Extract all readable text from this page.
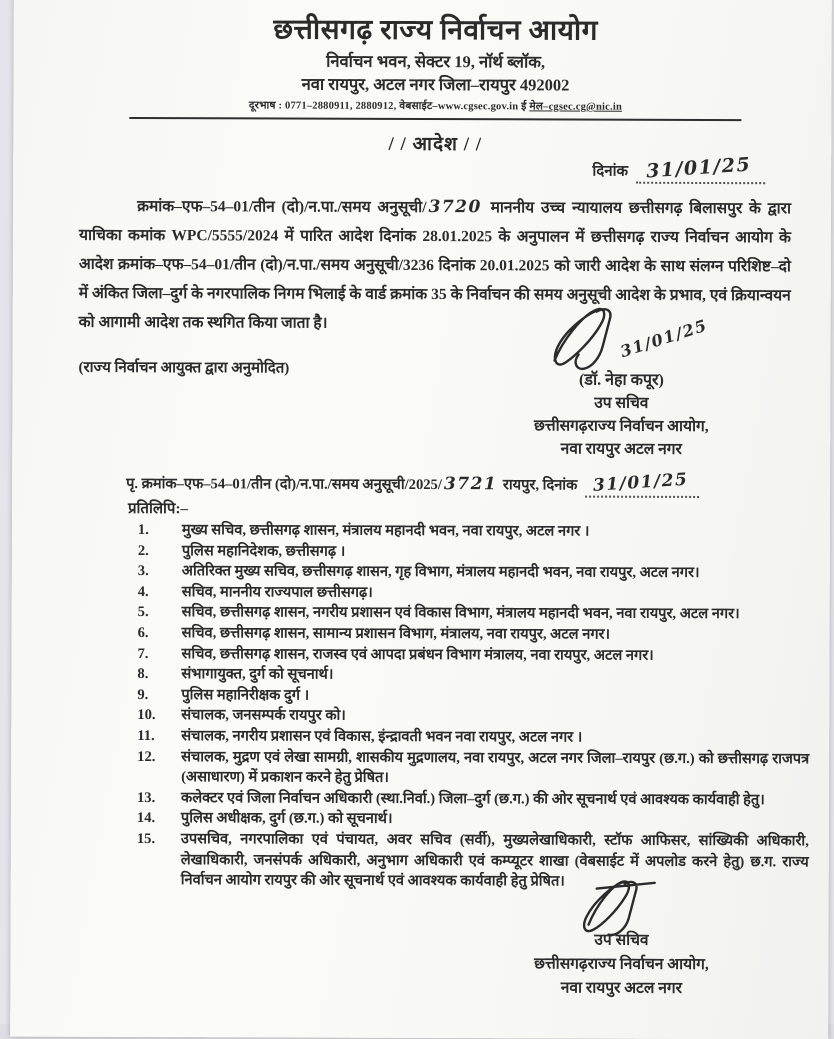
छत्तीसगढ़ राज्य निर्वाचन आयोग
निर्वाचन भवन, सेक्टर 19, नॉर्थ ब्लॉक,
नवा रायपुर, अटल नगर जिला–रायपुर 492002
दूरभाष : 0771–2880911, 2880912, वेबसाईट–www.cgsec.gov.in ई मेल–cgsec.cg@nic.in
/ / आदेश / /
दिनांक 31/01/25

क्रमांक–एफ–54–01/तीन (दो)/न.पा./समय अनुसूची/ 3720 माननीय उच्च न्यायालय छत्तीसगढ़ बिलासपुर के द्वारा याचिका कमांक WPC/5555/2024 में पारित आदेश दिनांक 28.01.2025 के अनुपालन में छत्तीसगढ़ राज्य निर्वाचन आयोग के आदेश क्रमांक–एफ–54–01/तीन (दो)/न.पा./समय अनुसूची/3236 दिनांक 20.01.2025 को जारी आदेश के साथ संलग्न परिशिष्ट–दो में अंकित जिला–दुर्ग के नगरपालिक निगम भिलाई के वार्ड क्रमांक 35 के निर्वाचन की समय अनुसूची आदेश के प्रभाव, एवं क्रियान्वयन को आगामी आदेश तक स्थगित किया जाता है।

(राज्य निर्वाचन आयुक्त द्वारा अनुमोदित)
31/01/25
(डॉ. नेहा कपूर)
उप सचिव
छत्तीसगढ़राज्य निर्वाचन आयोग,
नवा रायपुर अटल नगर
पृ. क्रमांक–एफ–54–01/तीन (दो)/न.पा./समय अनुसूची/2025/ 3721 रायपुर, दिनांक 31/01/25
प्रतिलिपि:–
1.	मुख्य सचिव, छत्तीसगढ़ शासन, मंत्रालय महानदी भवन, नवा रायपुर, अटल नगर ।
2.	पुलिस महानिदेशक, छत्तीसगढ़ ।
3.	अतिरिक्त मुख्य सचिव, छत्तीसगढ़ शासन, गृह विभाग, मंत्रालय महानदी भवन, नवा रायपुर, अटल नगर।
4.	सचिव, माननीय राज्यपाल छत्तीसगढ़।
5.	सचिव, छत्तीसगढ़ शासन, नगरीय प्रशासन एवं विकास विभाग, मंत्रालय महानदी भवन, नवा रायपुर, अटल नगर।
6.	सचिव, छत्तीसगढ़ शासन, सामान्य प्रशासन विभाग, मंत्रालय, नवा रायपुर, अटल नगर।
7.	सचिव, छत्तीसगढ़ शासन, राजस्व एवं आपदा प्रबंधन विभाग मंत्रालय, नवा रायपुर, अटल नगर।
8.	संभागायुक्त, दुर्ग को सूचनार्थ।
9.	पुलिस महानिरीक्षक दुर्ग ।
10.	संचालक, जनसम्पर्क रायपुर को।
11.	संचालक, नगरीय प्रशासन एवं विकास, इंन्द्रावती भवन नवा रायपुर, अटल नगर ।
12.	संचालक, मुद्रण एवं लेखा सामग्री, शासकीय मुद्रणालय, नवा रायपुर, अटल नगर जिला–रायपुर (छ.ग.) को छत्तीसगढ़ राजपत्र (असाधारण) में प्रकाशन करने हेतु प्रेषित।
13.	कलेक्टर एवं जिला निर्वाचन अधिकारी (स्था.निर्वा.) जिला–दुर्ग (छ.ग.) की ओर सूचनार्थ एवं आवश्यक कार्यवाही हेतु।
14.	पुलिस अधीक्षक, दुर्ग (छ.ग.) को सूचनार्थ।
15.	उपसचिव, नगरपालिका एवं पंचायत, अवर सचिव (सर्वी), मुख्यलेखाधिकारी, स्टॉफ आफिसर, सांख्यिकी अधिकारी, लेखाधिकारी, जनसंपर्क अधिकारी, अनुभाग अधिकारी एवं कम्प्यूटर शाखा (वेबसाईट में अपलोड करने हेतु) छ.ग. राज्य निर्वाचन आयोग रायपुर की ओर सूचनार्थ एवं आवश्यक कार्यवाही हेतु प्रेषित।
उप सचिव
छत्तीसगढ़राज्य निर्वाचन आयोग,
नवा रायपुर अटल नगर
